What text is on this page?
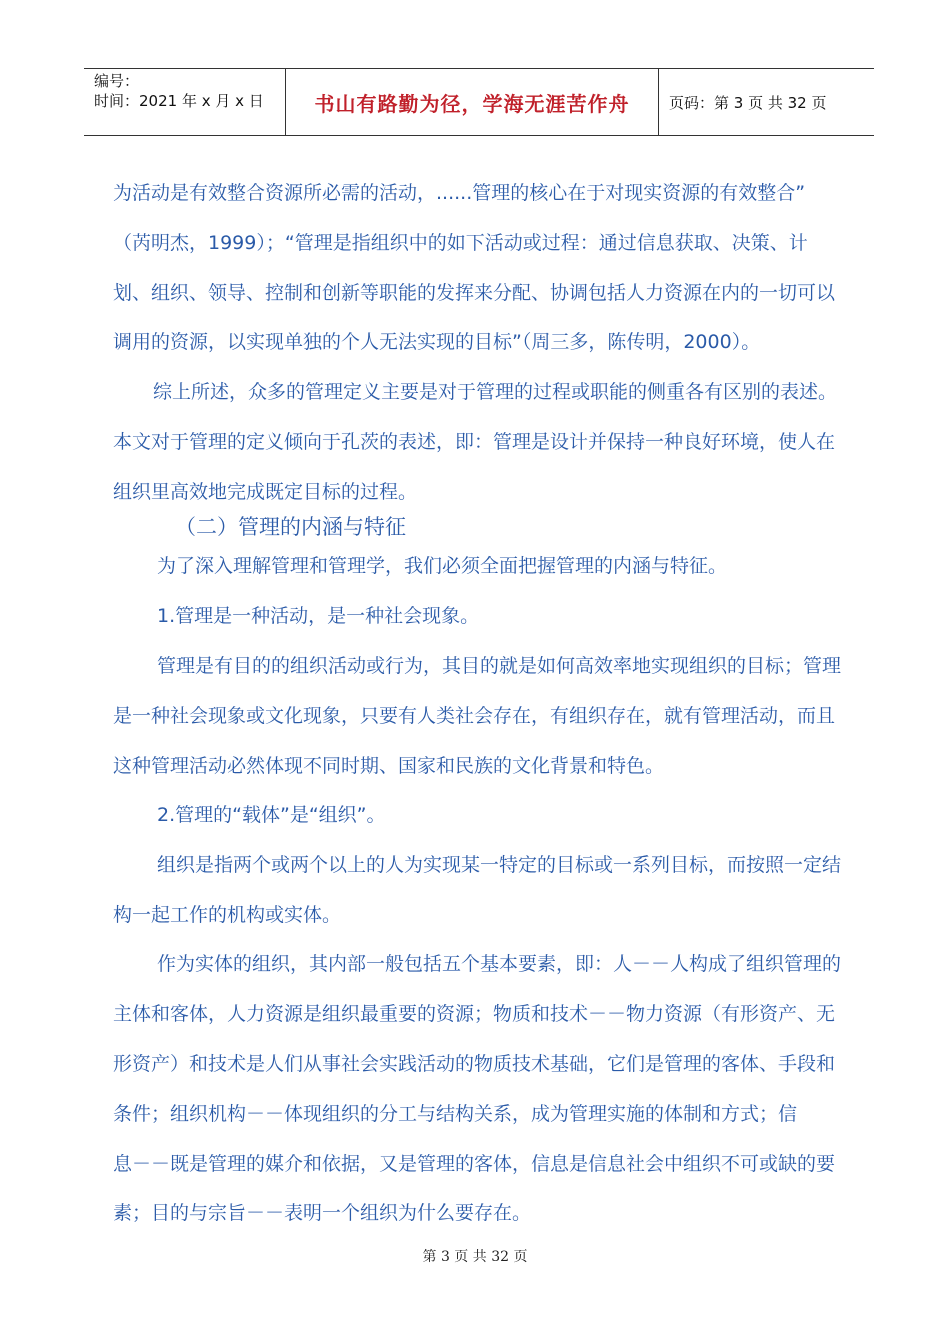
编号：
时间：2021 年 x 月 x 日	书山有路勤为径，学海无涯苦作舟	页码：第 3 页 共 32 页
为活动是有效整合资源所必需的活动，......管理的核心在于对现实资源的有效整合”
（芮明杰，1999）；“管理是指组织中的如下活动或过程：通过信息获取、决策、计
划、组织、领导、控制和创新等职能的发挥来分配、协调包括人力资源在内的一切可以
调用的资源，以实现单独的个人无法实现的目标”（周三多，陈传明，2000）。
综上所述，众多的管理定义主要是对于管理的过程或职能的侧重各有区别的表述。
本文对于管理的定义倾向于孔茨的表述，即：管理是设计并保持一种良好环境，使人在
组织里高效地完成既定目标的过程。
为了深入理解管理和管理学，我们必须全面把握管理的内涵与特征。
1.管理是一种活动，是一种社会现象。
管理是有目的的组织活动或行为，其目的就是如何高效率地实现组织的目标；管理
是一种社会现象或文化现象，只要有人类社会存在，有组织存在，就有管理活动，而且
这种管理活动必然体现不同时期、国家和民族的文化背景和特色。
2.管理的“载体”是“组织”。
组织是指两个或两个以上的人为实现某一特定的目标或一系列目标，而按照一定结
构一起工作的机构或实体。
作为实体的组织，其内部一般包括五个基本要素，即：人－－人构成了组织管理的
主体和客体，人力资源是组织最重要的资源；物质和技术－－物力资源（有形资产、无
形资产）和技术是人们从事社会实践活动的物质技术基础，它们是管理的客体、手段和
条件；组织机构－－体现组织的分工与结构关系，成为管理实施的体制和方式；信
息－－既是管理的媒介和依据，又是管理的客体，信息是信息社会中组织不可或缺的要
素；目的与宗旨－－表明一个组织为什么要存在。
（二）管理的内涵与特征
第 3 页 共 32 页
